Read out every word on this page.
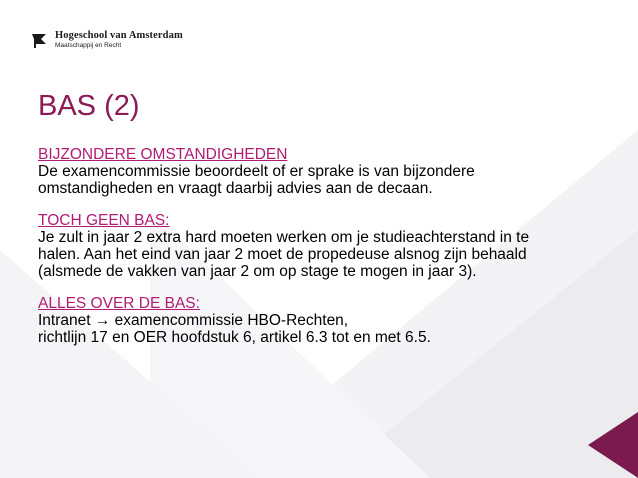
Hogeschool van Amsterdam
Maatschappij en Recht
BAS (2)
BIJZONDERE OMSTANDIGHEDEN
De examencommissie beoordeelt of er sprake is van bijzondere
omstandigheden en vraagt daarbij advies aan de decaan.
TOCH GEEN BAS:
Je zult in jaar 2 extra hard moeten werken om je studieachterstand in te
halen. Aan het eind van jaar 2 moet de propedeuse alsnog zijn behaald
(alsmede de vakken van jaar 2 om op stage te mogen in jaar 3).
ALLES OVER DE BAS:
Intranet → examencommissie HBO-Rechten,
richtlijn 17 en OER hoofdstuk 6, artikel 6.3 tot en met 6.5.
